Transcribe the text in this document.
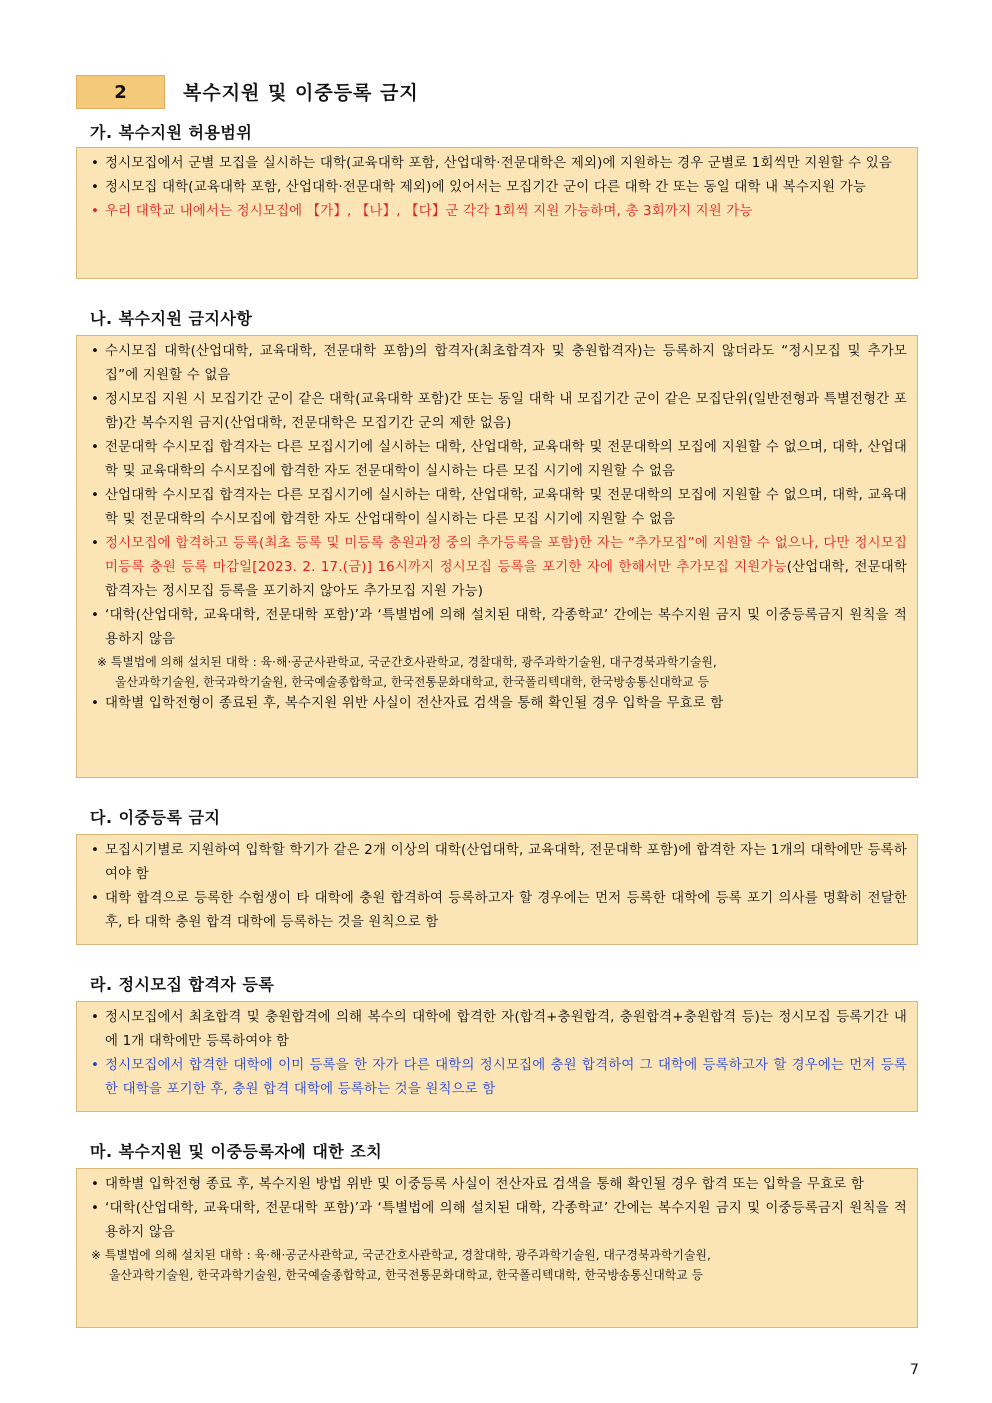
2	복수지원 및 이중등록 금지
가. 복수지원 허용범위
• 정시모집에서 군별 모집을 실시하는 대학(교육대학 포함, 산업대학·전문대학은 제외)에 지원하는 경우 군별로 1회씩만 지원할 수 있음
• 정시모집 대학(교육대학 포함, 산업대학·전문대학 제외)에 있어서는 모집기간 군이 다른 대학 간 또는 동일 대학 내 복수지원 가능
• 우리 대학교 내에서는 정시모집에 【가】, 【나】, 【다】군 각각 1회씩 지원 가능하며, 총 3회까지 지원 가능
나. 복수지원 금지사항
• 수시모집 대학(산업대학, 교육대학, 전문대학 포함)의 합격자(최초합격자 및 충원합격자)는 등록하지 않더라도 “정시모집 및 추가모집”에 지원할 수 없음
• 정시모집 지원 시 모집기간 군이 같은 대학(교육대학 포함)간 또는 동일 대학 내 모집기간 군이 같은 모집단위(일반전형과 특별전형간 포함)간 복수지원 금지(산업대학, 전문대학은 모집기간 군의 제한 없음)
• 전문대학 수시모집 합격자는 다른 모집시기에 실시하는 대학, 산업대학, 교육대학 및 전문대학의 모집에 지원할 수 없으며, 대학, 산업대학 및 교육대학의 수시모집에 합격한 자도 전문대학이 실시하는 다른 모집 시기에 지원할 수 없음
• 산업대학 수시모집 합격자는 다른 모집시기에 실시하는 대학, 산업대학, 교육대학 및 전문대학의 모집에 지원할 수 없으며, 대학, 교육대학 및 전문대학의 수시모집에 합격한 자도 산업대학이 실시하는 다른 모집 시기에 지원할 수 없음
• 정시모집에 합격하고 등록(최초 등록 및 미등록 충원과정 중의 추가등록을 포함)한 자는 “추가모집”에 지원할 수 없으나, 다만 정시모집 미등록 충원 등록 마감일[2023. 2. 17.(금)] 16시까지 정시모집 등록을 포기한 자에 한해서만 추가모집 지원가능(산업대학, 전문대학 합격자는 정시모집 등록을 포기하지 않아도 추가모집 지원 가능)
• ‘대학(산업대학, 교육대학, 전문대학 포함)’과 ‘특별법에 의해 설치된 대학, 각종학교’ 간에는 복수지원 금지 및 이중등록금지 원칙을 적용하지 않음
※ 특별법에 의해 설치된 대학 : 육·해·공군사관학교, 국군간호사관학교, 경찰대학, 광주과학기술원, 대구경북과학기술원,
울산과학기술원, 한국과학기술원, 한국예술종합학교, 한국전통문화대학교, 한국폴리텍대학, 한국방송통신대학교 등
• 대학별 입학전형이 종료된 후, 복수지원 위반 사실이 전산자료 검색을 통해 확인될 경우 입학을 무효로 함
다. 이중등록 금지
• 모집시기별로 지원하여 입학할 학기가 같은 2개 이상의 대학(산업대학, 교육대학, 전문대학 포함)에 합격한 자는 1개의 대학에만 등록하여야 함
• 대학 합격으로 등록한 수험생이 타 대학에 충원 합격하여 등록하고자 할 경우에는 먼저 등록한 대학에 등록 포기 의사를 명확히 전달한 후, 타 대학 충원 합격 대학에 등록하는 것을 원칙으로 함
라. 정시모집 합격자 등록
• 정시모집에서 최초합격 및 충원합격에 의해 복수의 대학에 합격한 자(합격+충원합격, 충원합격+충원합격 등)는 정시모집 등록기간 내에 1개 대학에만 등록하여야 함
• 정시모집에서 합격한 대학에 이미 등록을 한 자가 다른 대학의 정시모집에 충원 합격하여 그 대학에 등록하고자 할 경우에는 먼저 등록한 대학을 포기한 후, 충원 합격 대학에 등록하는 것을 원칙으로 함
마. 복수지원 및 이중등록자에 대한 조치
• 대학별 입학전형 종료 후, 복수지원 방법 위반 및 이중등록 사실이 전산자료 검색을 통해 확인될 경우 합격 또는 입학을 무효로 함
• ‘대학(산업대학, 교육대학, 전문대학 포함)’과 ‘특별법에 의해 설치된 대학, 각종학교’ 간에는 복수지원 금지 및 이중등록금지 원칙을 적용하지 않음
※ 특별법에 의해 설치된 대학 : 육·해·공군사관학교, 국군간호사관학교, 경찰대학, 광주과학기술원, 대구경북과학기술원,
울산과학기술원, 한국과학기술원, 한국예술종합학교, 한국전통문화대학교, 한국폴리텍대학, 한국방송통신대학교 등
7
